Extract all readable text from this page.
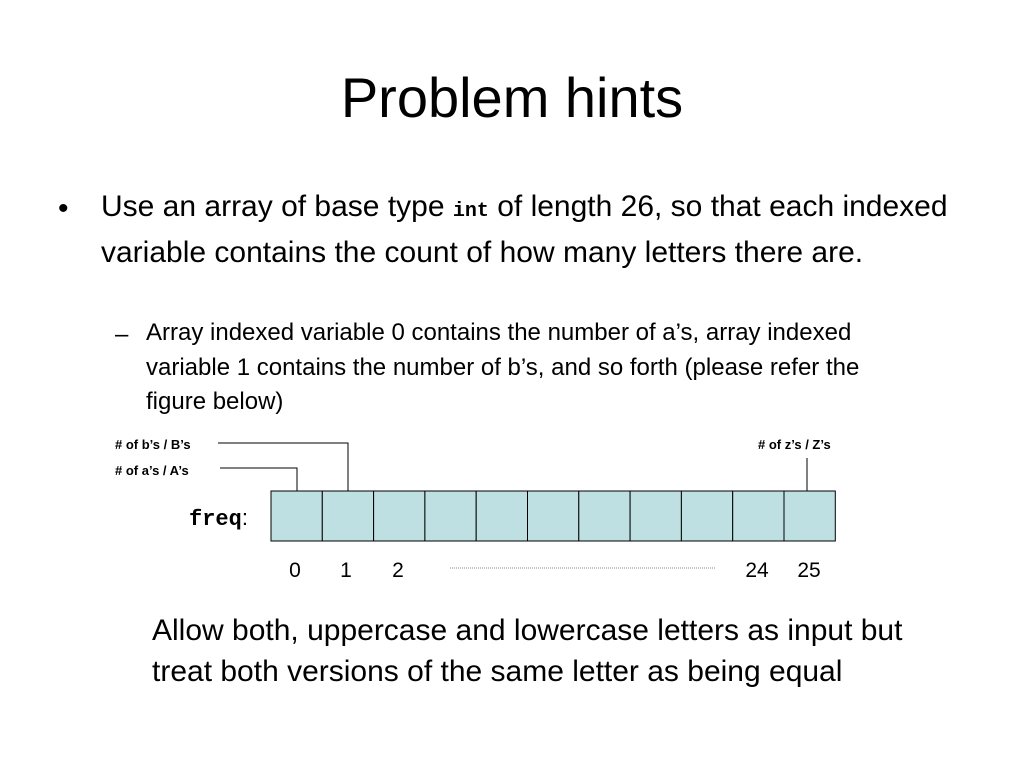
Problem hints
• Use an array of base type int of length 26, so that each indexed variable contains the count of how many letters there are.
– Array indexed variable 0 contains the number of a’s, array indexed variable 1 contains the number of b’s, and so forth (please refer the figure below)
# of b’s / B’s
# of a’s / A’s
# of z’s / Z’s
0 1 2	24 25
freq:
Allow both, uppercase and lowercase letters as input but treat both versions of the same letter as being equal
